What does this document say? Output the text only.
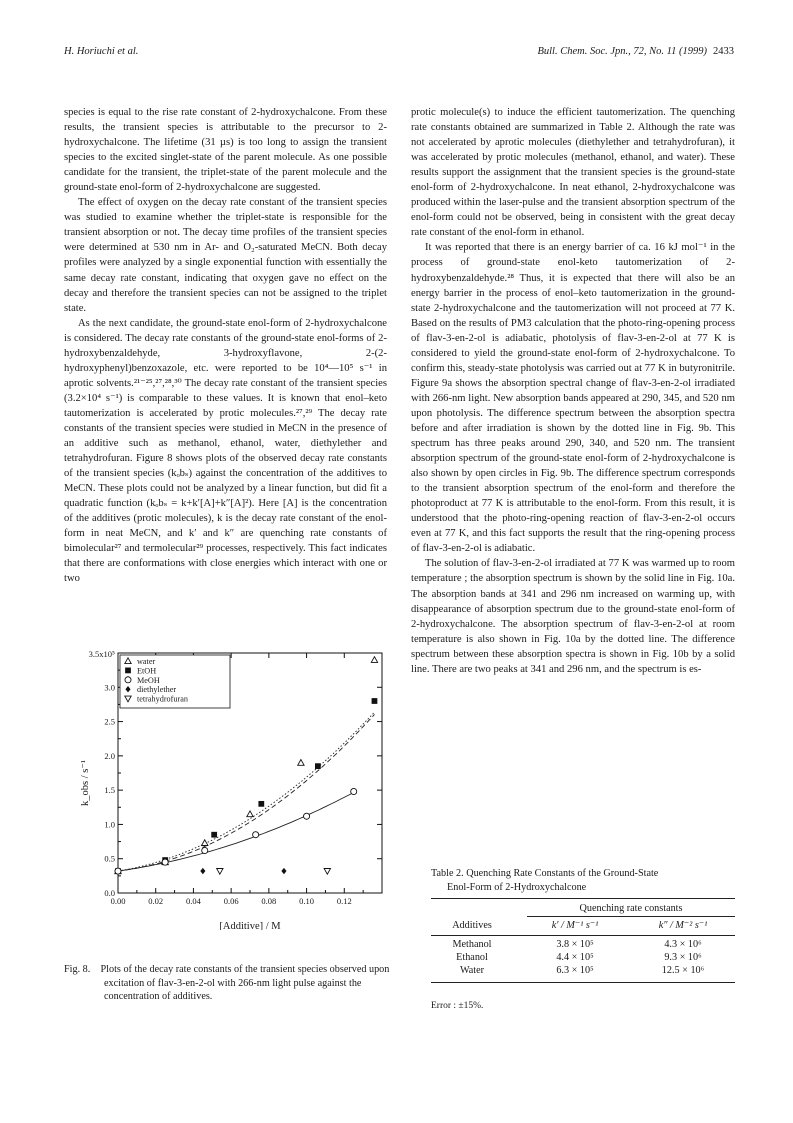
H. Horiuchi et al.	Bull. Chem. Soc. Jpn., 72, No. 11 (1999) 2433

species is equal to the rise rate constant of 2-hydroxychalcone. From these results, the transient species is attributable to the precursor to 2-hydroxychalcone. The lifetime (31 µs) is too long to assign the transient species to the excited singlet-state of the parent molecule. As one possible candidate for the transient, the triplet-state of the parent molecule and the ground-state enol-form of 2-hydroxychalcone are suggested.

The effect of oxygen on the decay rate constant of the transient species was studied to examine whether the triplet-state is responsible for the transient absorption or not. The decay time profiles of the transient species were determined at 530 nm in Ar- and O₂-saturated MeCN. Both decay profiles were analyzed by a single exponential function with essentially the same decay rate constant, indicating that oxygen gave no effect on the decay and therefore the transient species can not be assigned to the triplet state.

As the next candidate, the ground-state enol-form of 2-hydroxychalcone is considered. The decay rate constants of the ground-state enol-forms of 2-hydroxybenzaldehyde, 3-hydroxyflavone, 2-(2-hydroxyphenyl)benzoxazole, etc. were reported to be 10⁴—10⁵ s⁻¹ in aprotic solvents.²¹⁻²⁵,²⁷,²⁸,³⁰ The decay rate constant of the transient species (3.2×10⁴ s⁻¹) is comparable to these values. It is known that enol–keto tautomerization is accelerated by protic molecules.²⁷,²⁹ The decay rate constants of the transient species were studied in MeCN in the presence of an additive such as methanol, ethanol, water, diethylether and tetrahydrofuran. Figure 8 shows plots of the observed decay rate constants of the transient species (kₒbₛ) against the concentration of the additives to MeCN. These plots could not be analyzed by a linear function, but did fit a quadratic function (kₒbₛ = k+k′[A]+k″[A]²). Here [A] is the concentration of the additives (protic molecules), k is the decay rate constant of the enol-form in neat MeCN, and k′ and k″ are quenching rate constants of bimolecular²⁷ and termolecular²⁹ processes, respectively. This fact indicates that there are conformations with close energies which interact with one or two

protic molecule(s) to induce the efficient tautomerization. The quenching rate constants obtained are summarized in Table 2. Although the rate was not accelerated by aprotic molecules (diethylether and tetrahydrofuran), it was accelerated by protic molecules (methanol, ethanol, and water). These results support the assignment that the transient species is the ground-state enol-form of 2-hydroxychalcone. In neat ethanol, 2-hydroxychalcone was produced within the laser-pulse and the transient absorption spectrum of the enol-form could not be observed, being in consistent with the great decay rate constant of the enol-form in ethanol.

It was reported that there is an energy barrier of ca. 16 kJ mol⁻¹ in the process of ground-state enol-keto tautomerization of 2-hydroxybenzaldehyde.²⁸ Thus, it is expected that there will also be an energy barrier in the process of enol–keto tautomerization in the ground-state 2-hydroxychalcone and the tautomerization will not proceed at 77 K. Based on the results of PM3 calculation that the photo-ring-opening process of flav-3-en-2-ol is adiabatic, photolysis of flav-3-en-2-ol at 77 K is considered to yield the ground-state enol-form of 2-hydroxychalcone. To confirm this, steady-state photolysis was carried out at 77 K in butyronitrile. Figure 9a shows the absorption spectral change of flav-3-en-2-ol irradiated with 266-nm light. New absorption bands appeared at 290, 345, and 520 nm upon photolysis. The difference spectrum between the absorption spectra before and after irradiation is shown by the dotted line in Fig. 9b. This spectrum has three peaks around 290, 340, and 520 nm. The transient absorption spectrum of the ground-state enol-form of 2-hydroxychalcone is also shown by open circles in Fig. 9b. The difference spectrum corresponds to the transient absorption spectrum of the enol-form and therefore the photoproduct at 77 K is attributable to the enol-form. From this result, it is understood that the photo-ring-opening reaction of flav-3-en-2-ol occurs even at 77 K, and this fact supports the result that the ring-opening process of flav-3-en-2-ol is adiabatic.

The solution of flav-3-en-2-ol irradiated at 77 K was warmed up to room temperature ; the absorption spectrum is shown by the solid line in Fig. 10a. The absorption bands at 341 and 296 nm increased on warming up, with disappearance of absorption spectrum due to the ground-state enol-form of 2-hydroxychalcone. The absorption spectrum of flav-3-en-2-ol at room temperature is also shown in Fig. 10a by the dotted line. The difference spectrum between these absorption spectra is shown in Fig. 10b by a solid line. There are two peaks at 341 and 296 nm, and the spectrum is es-

0.00	0.02	0.04	0.06	0.08	0.10	0.12
0.0
0.5
1.0
1.5
2.0
2.5
3.0
3.5x10⁵
[Additive] / M
k_obs / s⁻¹
water
EtOH
MeOH
diethylether
tetrahydrofuran
Fig. 8. Plots of the decay rate constants of the transient species observed upon excitation of flav-3-en-2-ol with 266-nm light pulse against the concentration of additives.
Table 2. Quenching Rate Constants of the Ground-State
Enol-Form of 2-Hydroxychalcone
Quenching rate constants
Additives	k′ / M⁻¹ s⁻¹	k″ / M⁻² s⁻¹
Methanol	3.8 × 10⁵	4.3 × 10⁶
Ethanol	4.4 × 10⁵	9.3 × 10⁶
Water	6.3 × 10⁵	12.5 × 10⁶
Error : ±15%.
